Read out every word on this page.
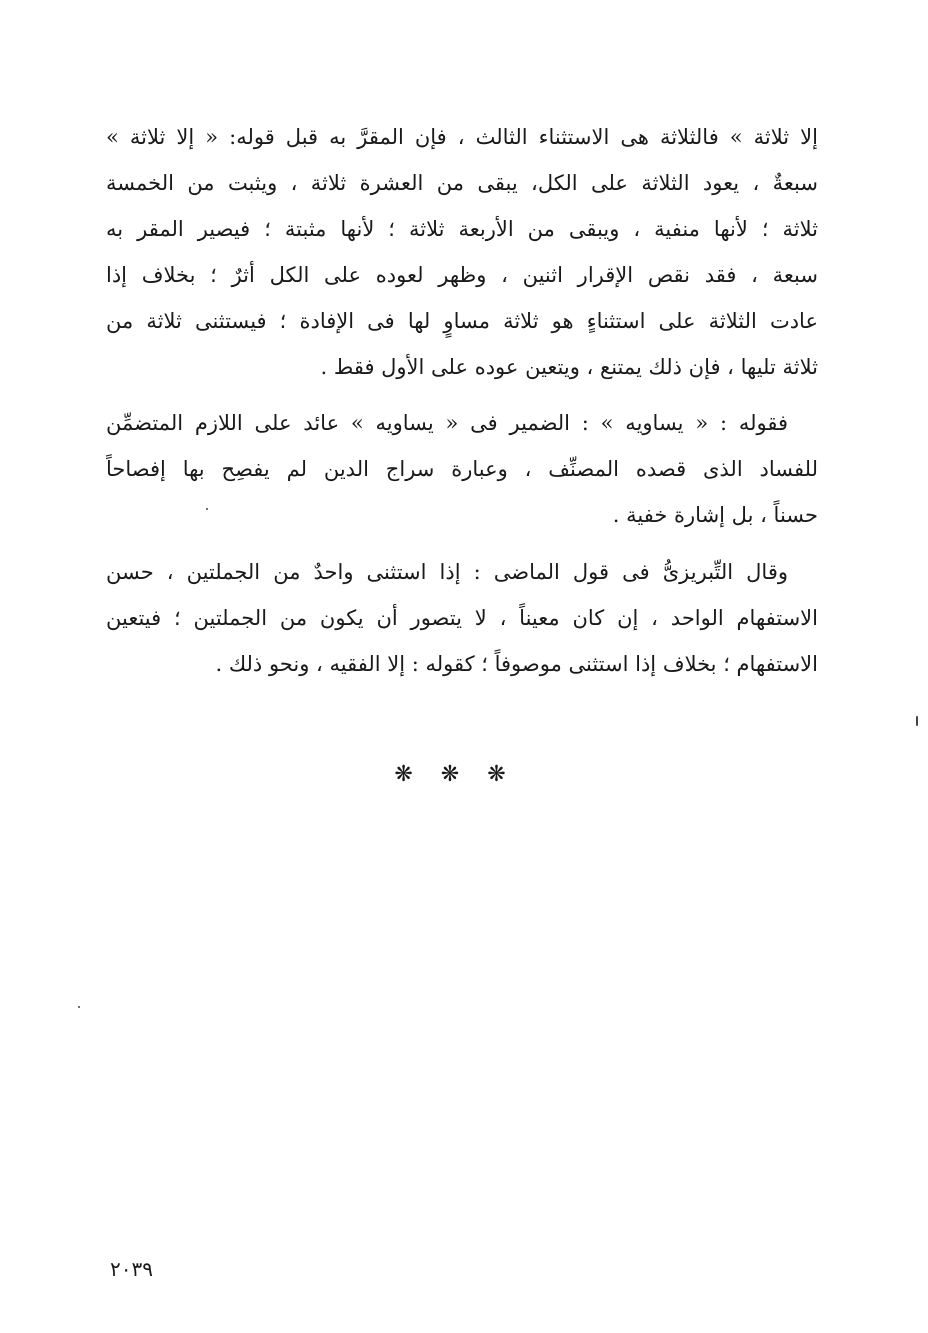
إلا ثلاثة » فالثلاثة هى الاستثناء الثالث ، فإن المقرَّ به قبل قوله: « إلا ثلاثة »
سبعةٌ ، يعود الثلاثة على الكل، يبقى من العشرة ثلاثة ، ويثبت من الخمسة
ثلاثة ؛ لأنها منفية ، ويبقى من الأربعة ثلاثة ؛ لأنها مثبتة ؛ فيصير المقر به
سبعة ، فقد نقص الإقرار اثنين ، وظهر لعوده على الكل أثرٌ ؛ بخلاف إذا
عادت الثلاثة على استثناءٍ هو ثلاثة مساوٍ لها فى الإفادة ؛ فيستثنى ثلاثة من
ثلاثة تليها ، فإن ذلك يمتنع ، ويتعين عوده على الأول فقط .
فقوله : « يساويه » : الضمير فى « يساويه » عائد على اللازم المتضمِّن
للفساد الذى قصده المصنِّف ، وعبارة سراج الدين لم يفصِح بها إفصاحاً
حسناً ، بل إشارة خفية .
وقال التِّبريزىُّ فى قول الماضى : إذا استثنى واحدٌ من الجملتين ، حسن
الاستفهام الواحد ، إن كان معيناً ، لا يتصور أن يكون من الجملتين ؛ فيتعين
الاستفهام ؛ بخلاف إذا استثنى موصوفاً ؛ كقوله : إلا الفقيه ، ونحو ذلك .
❋❋❋
٢٠٣٩
